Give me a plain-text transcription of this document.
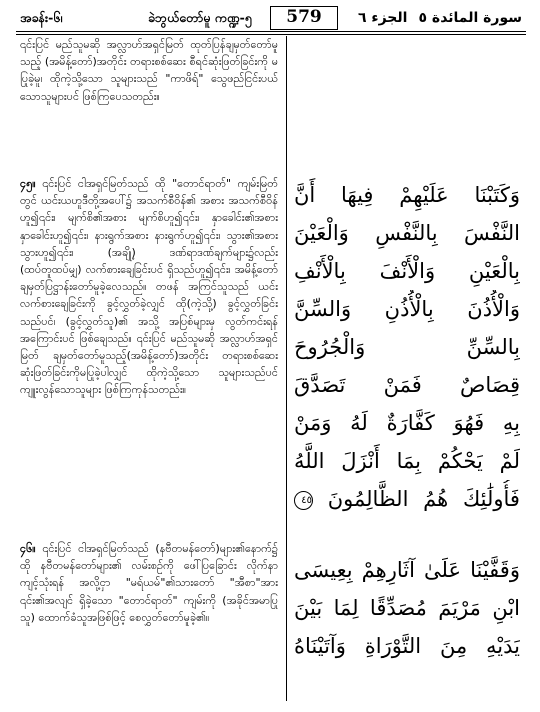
အခန်း-၆၊	ခဲဘွယ်တော်မူ ကဏ္ဍ-၅	579	الجزء ٦ سورة المائدة ٥

၎င်းပြင် မည်သူမဆို အလ္လာဟ်အရှင်မြတ် ထုတ်ပြန်ချမှတ်တော်မူသည့် (အမိန့်တော်)အတိုင်း တရားစစ်ဆေး စီရင်ဆုံးဖြတ်ခြင်းကို မပြုခဲ့မူ၊ ထိုကဲ့သို့သော သူများသည် "ကာဖိရ်" သွေဖည်ငြင်းပယ်သောသူများပင် ဖြစ်ကြပေသတည်း။

၄၅။ ၎င်းပြင် ငါအရှင်မြတ်သည် ထို "တောင်ရာတ်" ကျမ်းမြတ်တွင် ယင်းယဟူဒီတို့အပေါ်၌ အသက်စီဝိန်၏ အစား အသက်စီဝိန်ဟူ၍၎င်း၊ မျက်စိ၏အစား မျက်စိဟူ၍၎င်း၊ နှာခေါင်း၏အစား နှာခေါင်းဟူ၍၎င်း၊ နားရွက်အစား နားရွက်ဟူ၍၎င်း၊ သွား၏အစား သွားဟူ၍၎င်း၊ (အချို့) ဒဏ်ရာဒဏ်ချက်များ၌လည်း (ထပ်တူထပ်မျှ) လက်စားချေခြင်းပင် ရှိသည်ဟူ၍၎င်း၊ အမိန့်တော်ချမှတ်ပြဋ္ဌာန်းတော်မူခဲ့လေသည်။ တဖန် အကြင်သူသည် ယင်းလက်စားချေခြင်းကို ခွင့်လွှတ်ခဲ့လျှင် ထို(ကဲ့သို့) ခွင့်လွှတ်ခြင်းသည်ပင်၊ (ခွင့်လွှတ်သူ)၏ အသို့ အပြစ်များမှ လွတ်ကင်းရန်အကြောင်းပင် ဖြစ်ချေသည်။ ၎င်းပြင် မည်သူမဆို အလ္လာဟ်အရှင်မြတ် ချမှတ်တော်မူသည့်(အမိန့်တော်)အတိုင်း တရားစစ်ဆေး ဆုံးဖြတ်ခြင်းကိုမပြုခဲ့ပါလျှင် ထိုကဲ့သို့သော သူများသည်ပင် ကျူးလွန်သောသူများ ဖြစ်ကြကုန်သတည်း။

၄၆။ ၎င်းပြင် ငါအရှင်မြတ်သည် (နဗီတမန်တော်)များ၏နောက်၌ ထို နဗီတမန်တော်များ၏ လမ်းစဉ်ကို ဖေါ်ပြခြောင်း လိုက်နာကျင့်သုံးရန် အလို့ငှာ "မရ်ယမ်"၏သားတော် "အီစာ"အား ၎င်း၏အလျင် ရှိခဲ့သော "တောင်ရာတ်" ကျမ်းကို (အခိုင်အမာပြုသူ) ထောက်ခံသူအဖြစ်ဖြင့် စေလွှတ်တော်မူခဲ့၏။

وَكَتَبْنَا عَلَيْهِمْ فِيهَا أَنَّ
النَّفْسَ بِالنَّفْسِ وَالْعَيْنَ
بِالْعَيْنِ وَالْأَنْفَ بِالْأَنْفِ
وَالْأُذُنَ بِالْأُذُنِ وَالسِّنَّ
بِالسِّنِّ وَالْجُرُوحَ
قِصَاصٌ فَمَنْ تَصَدَّقَ
بِهِ فَهُوَ كَفَّارَةٌ لَهُ وَمَنْ
لَمْ يَحْكُمْ بِمَا أَنْزَلَ اللَّهُ
فَأُولَٰئِكَ هُمُ الظَّالِمُونَ ٤٥
وَقَفَّيْنَا عَلَىٰ آثَارِهِمْ بِعِيسَى
ابْنِ مَرْيَمَ مُصَدِّقًا لِمَا بَيْنَ
يَدَيْهِ مِنَ التَّوْرَاةِ وَآتَيْنَاهُ
